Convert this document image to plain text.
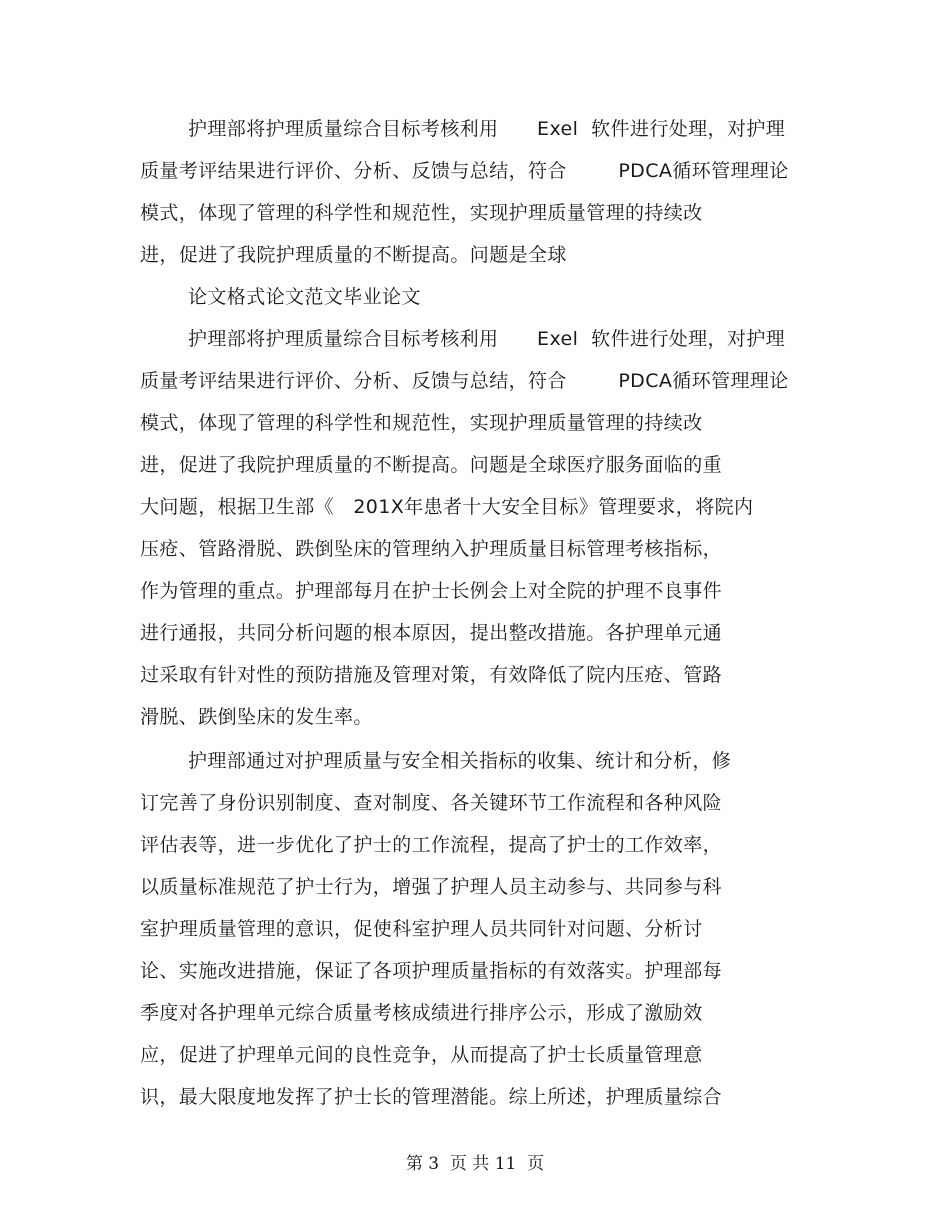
护理部将护理质量综合目标考核利用      Exel  软件进行处理，对护理
质量考评结果进行评价、分析、反馈与总结，符合        PDCA循环管理理论
模式，体现了管理的科学性和规范性，实现护理质量管理的持续改
进，促进了我院护理质量的不断提高。问题是全球
论文格式论文范文毕业论文
护理部将护理质量综合目标考核利用      Exel  软件进行处理，对护理
质量考评结果进行评价、分析、反馈与总结，符合        PDCA循环管理理论
模式，体现了管理的科学性和规范性，实现护理质量管理的持续改
进，促进了我院护理质量的不断提高。问题是全球医疗服务面临的重
大问题，根据卫生部《   201X年患者十大安全目标》管理要求，将院内
压疮、管路滑脱、跌倒坠床的管理纳入护理质量目标管理考核指标，
作为管理的重点。护理部每月在护士长例会上对全院的护理不良事件
进行通报，共同分析问题的根本原因，提出整改措施。各护理单元通
过采取有针对性的预防措施及管理对策，有效降低了院内压疮、管路
滑脱、跌倒坠床的发生率。
护理部通过对护理质量与安全相关指标的收集、统计和分析，修
订完善了身份识别制度、查对制度、各关键环节工作流程和各种风险
评估表等，进一步优化了护士的工作流程，提高了护士的工作效率，
以质量标准规范了护士行为，增强了护理人员主动参与、共同参与科
室护理质量管理的意识，促使科室护理人员共同针对问题、分析讨
论、实施改进措施，保证了各项护理质量指标的有效落实。护理部每
季度对各护理单元综合质量考核成绩进行排序公示，形成了激励效
应，促进了护理单元间的良性竞争，从而提高了护士长质量管理意
识，最大限度地发挥了护士长的管理潜能。综上所述，护理质量综合
第 3  页 共 11  页
